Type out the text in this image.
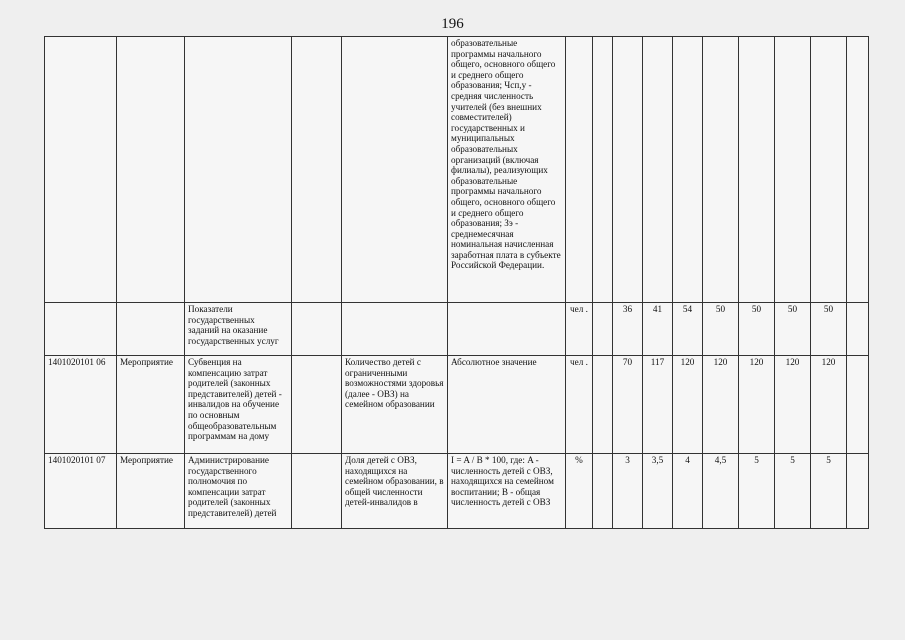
196
					образовательные программы начального общего, основного общего и среднего общего образования; Чсп,у - средняя численность учителей (без внешних совместителей) государственных и муниципальных образовательных организаций (включая филиалы), реализующих образовательные программы начального общего, основного общего и среднего общего образования; Зэ - среднемесячная номинальная начисленная заработная плата в субъекте Российской Федерации.										
		Показатели государственных заданий на оказание государственных услуг				чел .		36	41	54	50	50	50	50	
1401020101 06	Мероприятие	Субвенция на компенсацию затрат родителей (законных представителей) детей - инвалидов на обучение по основным общеобразовательным программам на дому		Количество детей с ограниченными возможностями здоровья (далее - ОВЗ) на семейном образовании	Абсолютное значение	чел .		70	117	120	120	120	120	120	
1401020101 07	Мероприятие	Администрирование государственного полномочия по компенсации затрат родителей (законных представителей) детей		Доля детей с ОВЗ, находящихся на семейном образовании, в общей численности детей-инвалидов в	I = A / B * 100, где: A - численность детей с ОВЗ, находящихся на семейном воспитании; B - общая численность детей с ОВЗ	%		3	3,5	4	4,5	5	5	5	
